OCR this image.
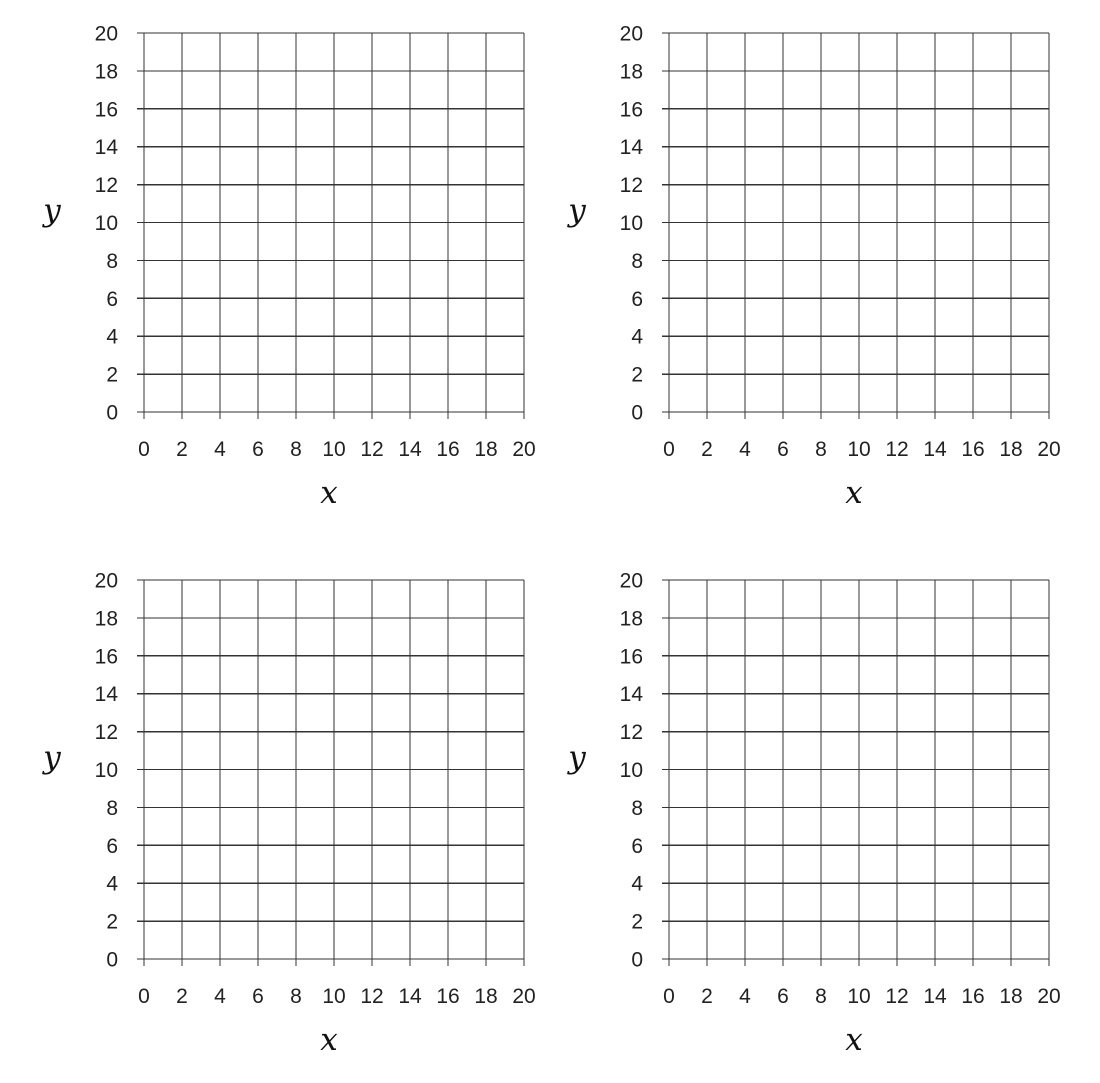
0 2 4 6 8 10 12 14 16 18 20
0
2
4
6
8
10
12
14
16
18
20
x
y
0 2 4 6 8 10 12 14 16 18 20
0
2
4
6
8
10
12
14
16
18
20
x
y
0 2 4 6 8 10 12 14 16 18 20
0
2
4
6
8
10
12
14
16
18
20
x
y
0 2 4 6 8 10 12 14 16 18 20
0
2
4
6
8
10
12
14
16
18
20
x
y
